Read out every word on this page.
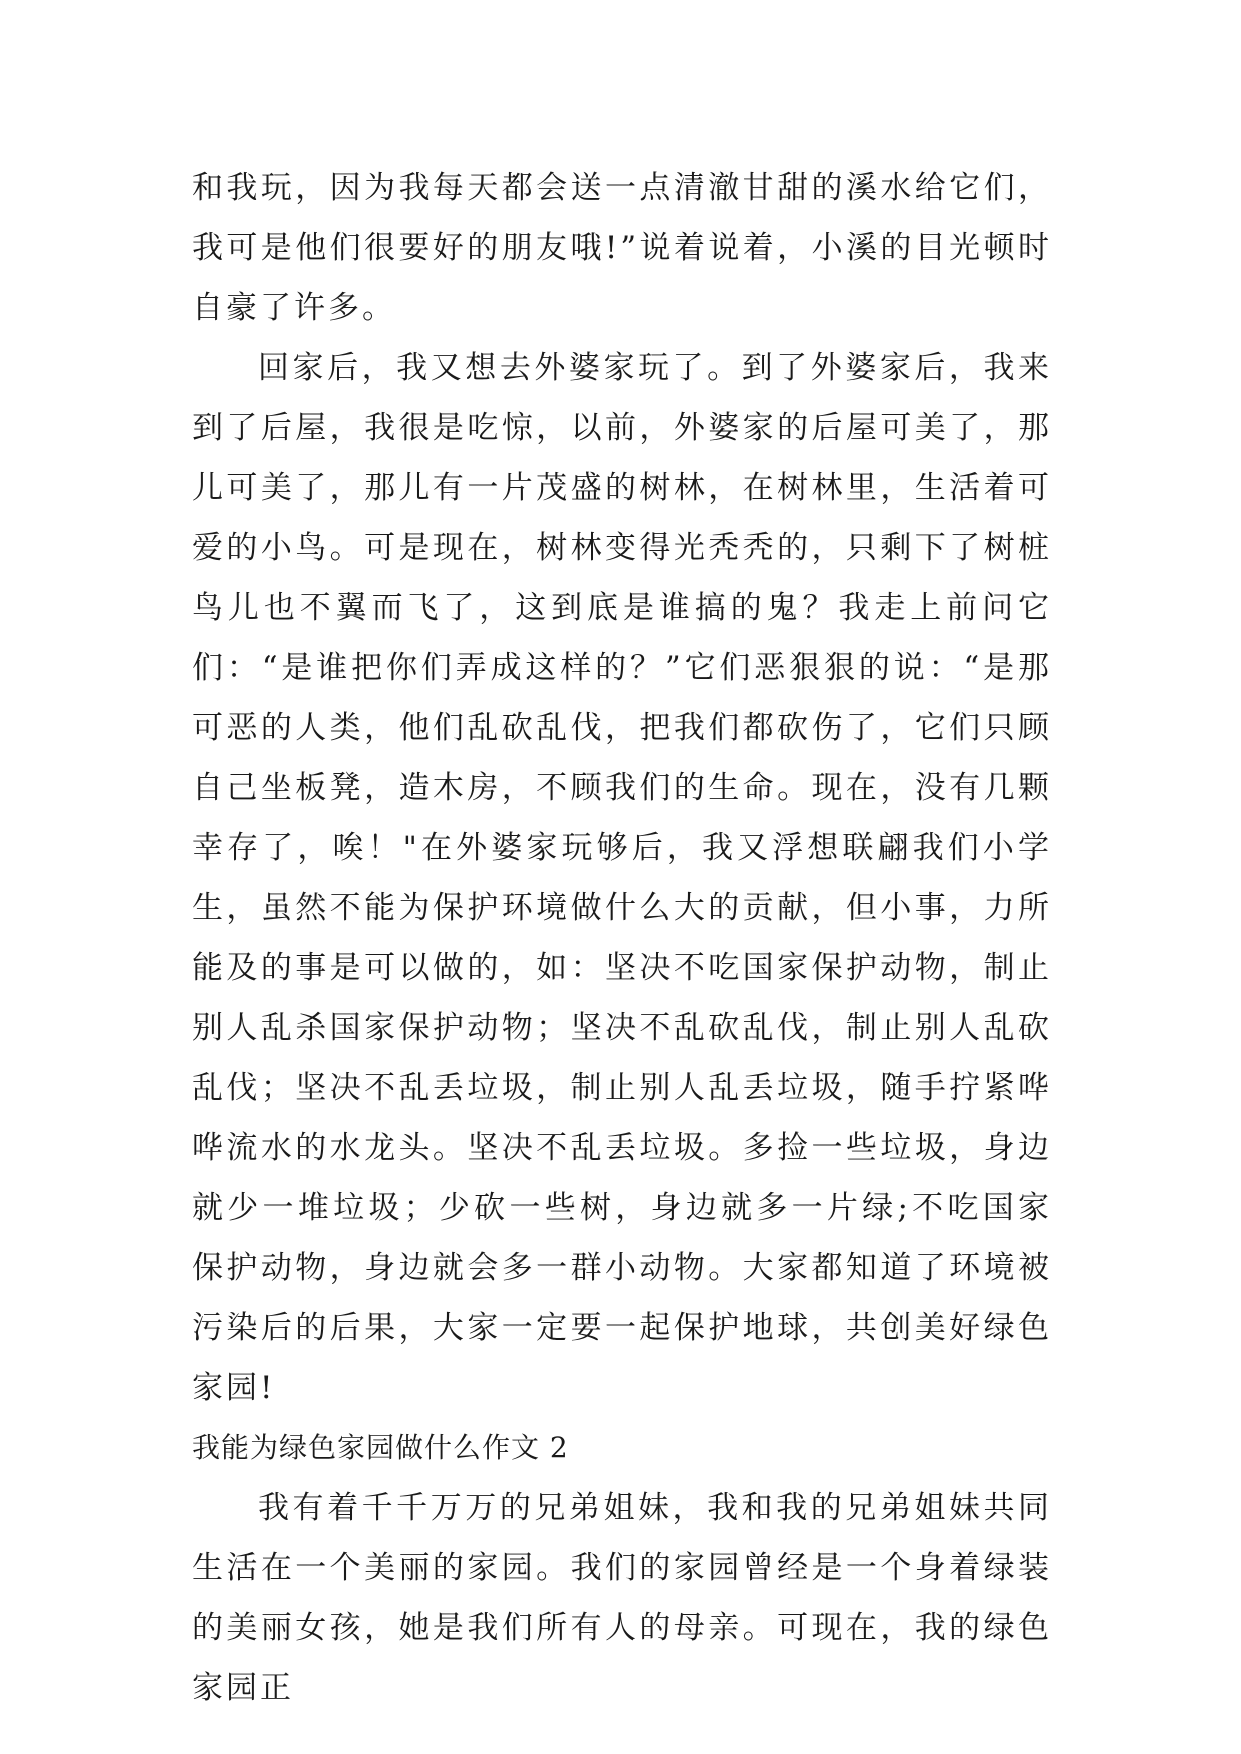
和我玩，因为我每天都会送一点清澈甘甜的溪水给它们，我可是他们很要好的朋友哦!”说着说着，小溪的目光顿时自豪了许多。

回家后，我又想去外婆家玩了。到了外婆家后，我来到了后屋，我很是吃惊，以前，外婆家的后屋可美了，那儿可美了，那儿有一片茂盛的树林，在树林里，生活着可爱的小鸟。可是现在，树林变得光秃秃的，只剩下了树桩鸟儿也不翼而飞了，这到底是谁搞的鬼？我走上前问它们：“是谁把你们弄成这样的？”它们恶狠狠的说：“是那可恶的人类，他们乱砍乱伐，把我们都砍伤了，它们只顾自己坐板凳，造木房，不顾我们的生命。现在，没有几颗幸存了，唉！"在外婆家玩够后，我又浮想联翩我们小学生，虽然不能为保护环境做什么大的贡献，但小事，力所能及的事是可以做的，如：坚决不吃国家保护动物，制止别人乱杀国家保护动物；坚决不乱砍乱伐，制止别人乱砍乱伐；坚决不乱丢垃圾，制止别人乱丢垃圾，随手拧紧哗哗流水的水龙头。坚决不乱丢垃圾。多捡一些垃圾，身边就少一堆垃圾；少砍一些树，身边就多一片绿;不吃国家保护动物，身边就会多一群小动物。大家都知道了环境被污染后的后果，大家一定要一起保护地球，共创美好绿色家园!

我能为绿色家园做什么作文 2

我有着千千万万的兄弟姐妹，我和我的兄弟姐妹共同生活在一个美丽的家园。我们的家园曾经是一个身着绿装的美丽女孩，她是我们所有人的母亲。可现在，我的绿色家园正
